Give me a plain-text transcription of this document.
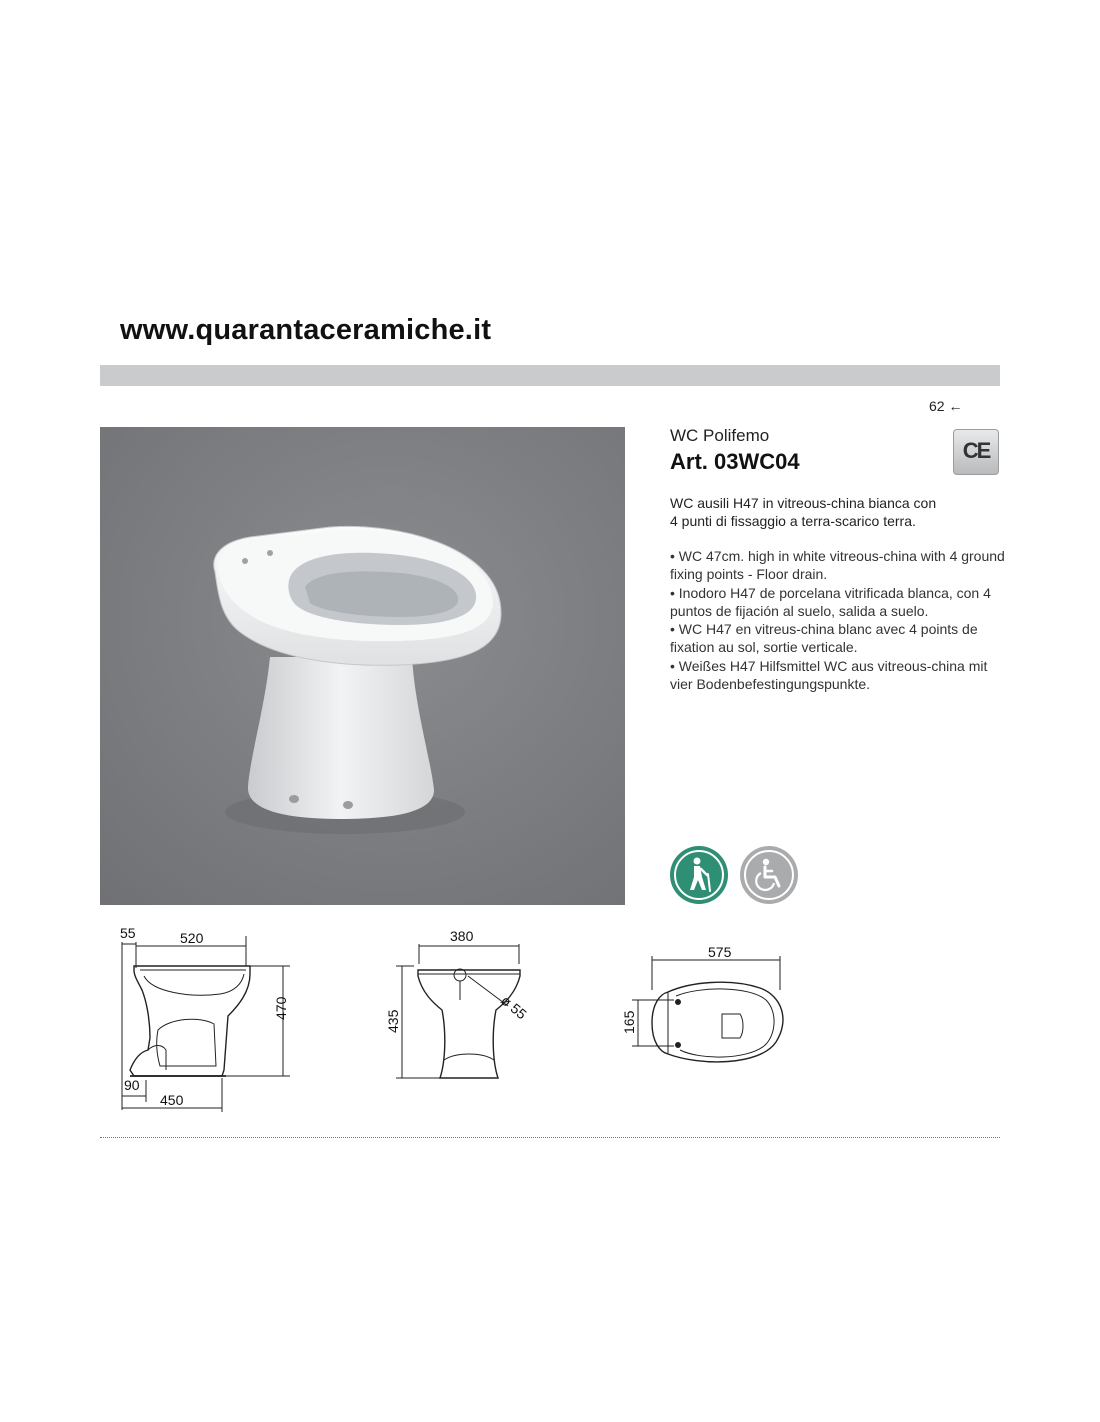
www.quarantaceramiche.it
62 ←
WC Polifemo
Art. 03WC04	CE
WC ausili H47 in vitreous-china bianca con
4 punti di fissaggio a terra-scarico terra.

• WC 47cm. high in white vitreous-china with 4 ground fixing points - Floor drain.

• Inodoro H47 de porcelana vitrificada blanca, con 4 puntos de fijación al suelo, salida a suelo.

• WC H47 en vitreus-china blanc avec 4 points de fixation au sol, sortie verticale.

• Weißes H47 Hilfsmittel WC aus vitreous-china mit vier Bodenbefestingungspunkte.

55	520
470
90
450
380
435	ø 55
575
165
